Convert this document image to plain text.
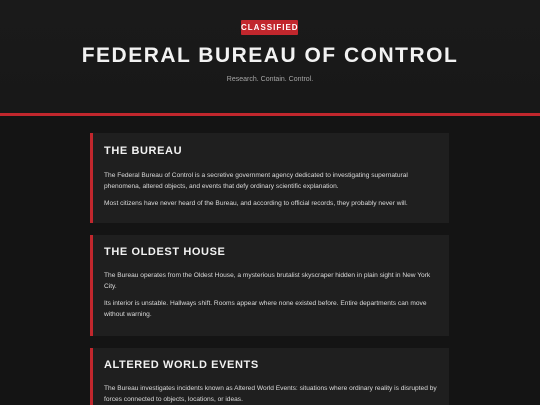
CLASSIFIED
FEDERAL BUREAU OF CONTROL
Research. Contain. Control.
THE BUREAU

The Federal Bureau of Control is a secretive government agency dedicated to investigating supernatural phenomena, altered objects, and events that defy ordinary scientific explanation.

Most citizens have never heard of the Bureau, and according to official records, they probably never will.

THE OLDEST HOUSE

The Bureau operates from the Oldest House, a mysterious brutalist skyscraper hidden in plain sight in New York City.

Its interior is unstable. Hallways shift. Rooms appear where none existed before. Entire departments can move without warning.

ALTERED WORLD EVENTS

The Bureau investigates incidents known as Altered World Events: situations where ordinary reality is disrupted by forces connected to objects, locations, or ideas.
